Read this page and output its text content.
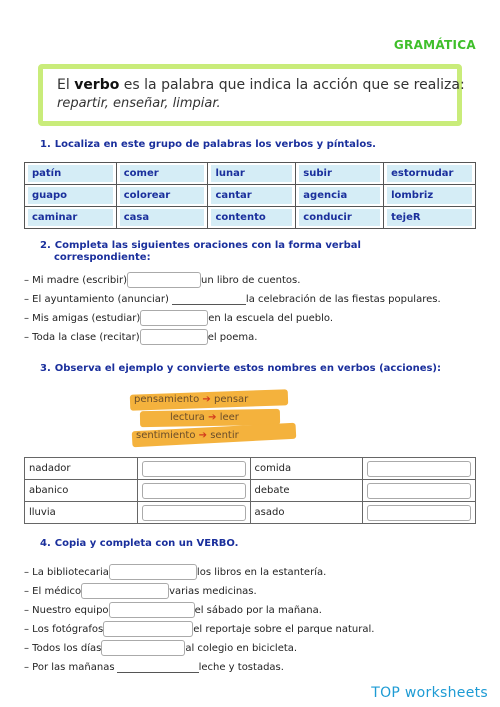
GRAMÁTICA
El verbo es la palabra que indica la acción que se realiza:
repartir, enseñar, limpiar.
1. Localiza en este grupo de palabras los verbos y píntalos.
patín	comer	lunar	subir	estornudar

guapo	colorear	cantar	agencia	lombriz

caminar	casa	contento	conducir	tejeR
2. Completa las siguientes oraciones con la forma verbal
correspondiente:
– Mi madre (escribir)	un libro de cuentos.
– El ayuntamiento (anunciar)	la celebración de las fiestas populares.
– Mis amigas (estudiar)	en la escuela del pueblo.
– Toda la clase (recitar)	el poema.
3. Observa el ejemplo y convierte estos nombres en verbos (acciones):
pensamiento ➔ pensar
lectura ➔ leer
sentimiento ➔ sentir
nadador		comida	

abanico		debate	

lluvia		asado	
4. Copia y completa con un VERBO.
– La bibliotecaria	los libros en la estantería.
– El médico	varias medicinas.
– Nuestro equipo	el sábado por la mañana.
– Los fotógrafos	el reportaje sobre el parque natural.
– Todos los días	al colegio en bicicleta.
– Por las mañanas	leche y tostadas.
TOP worksheets
